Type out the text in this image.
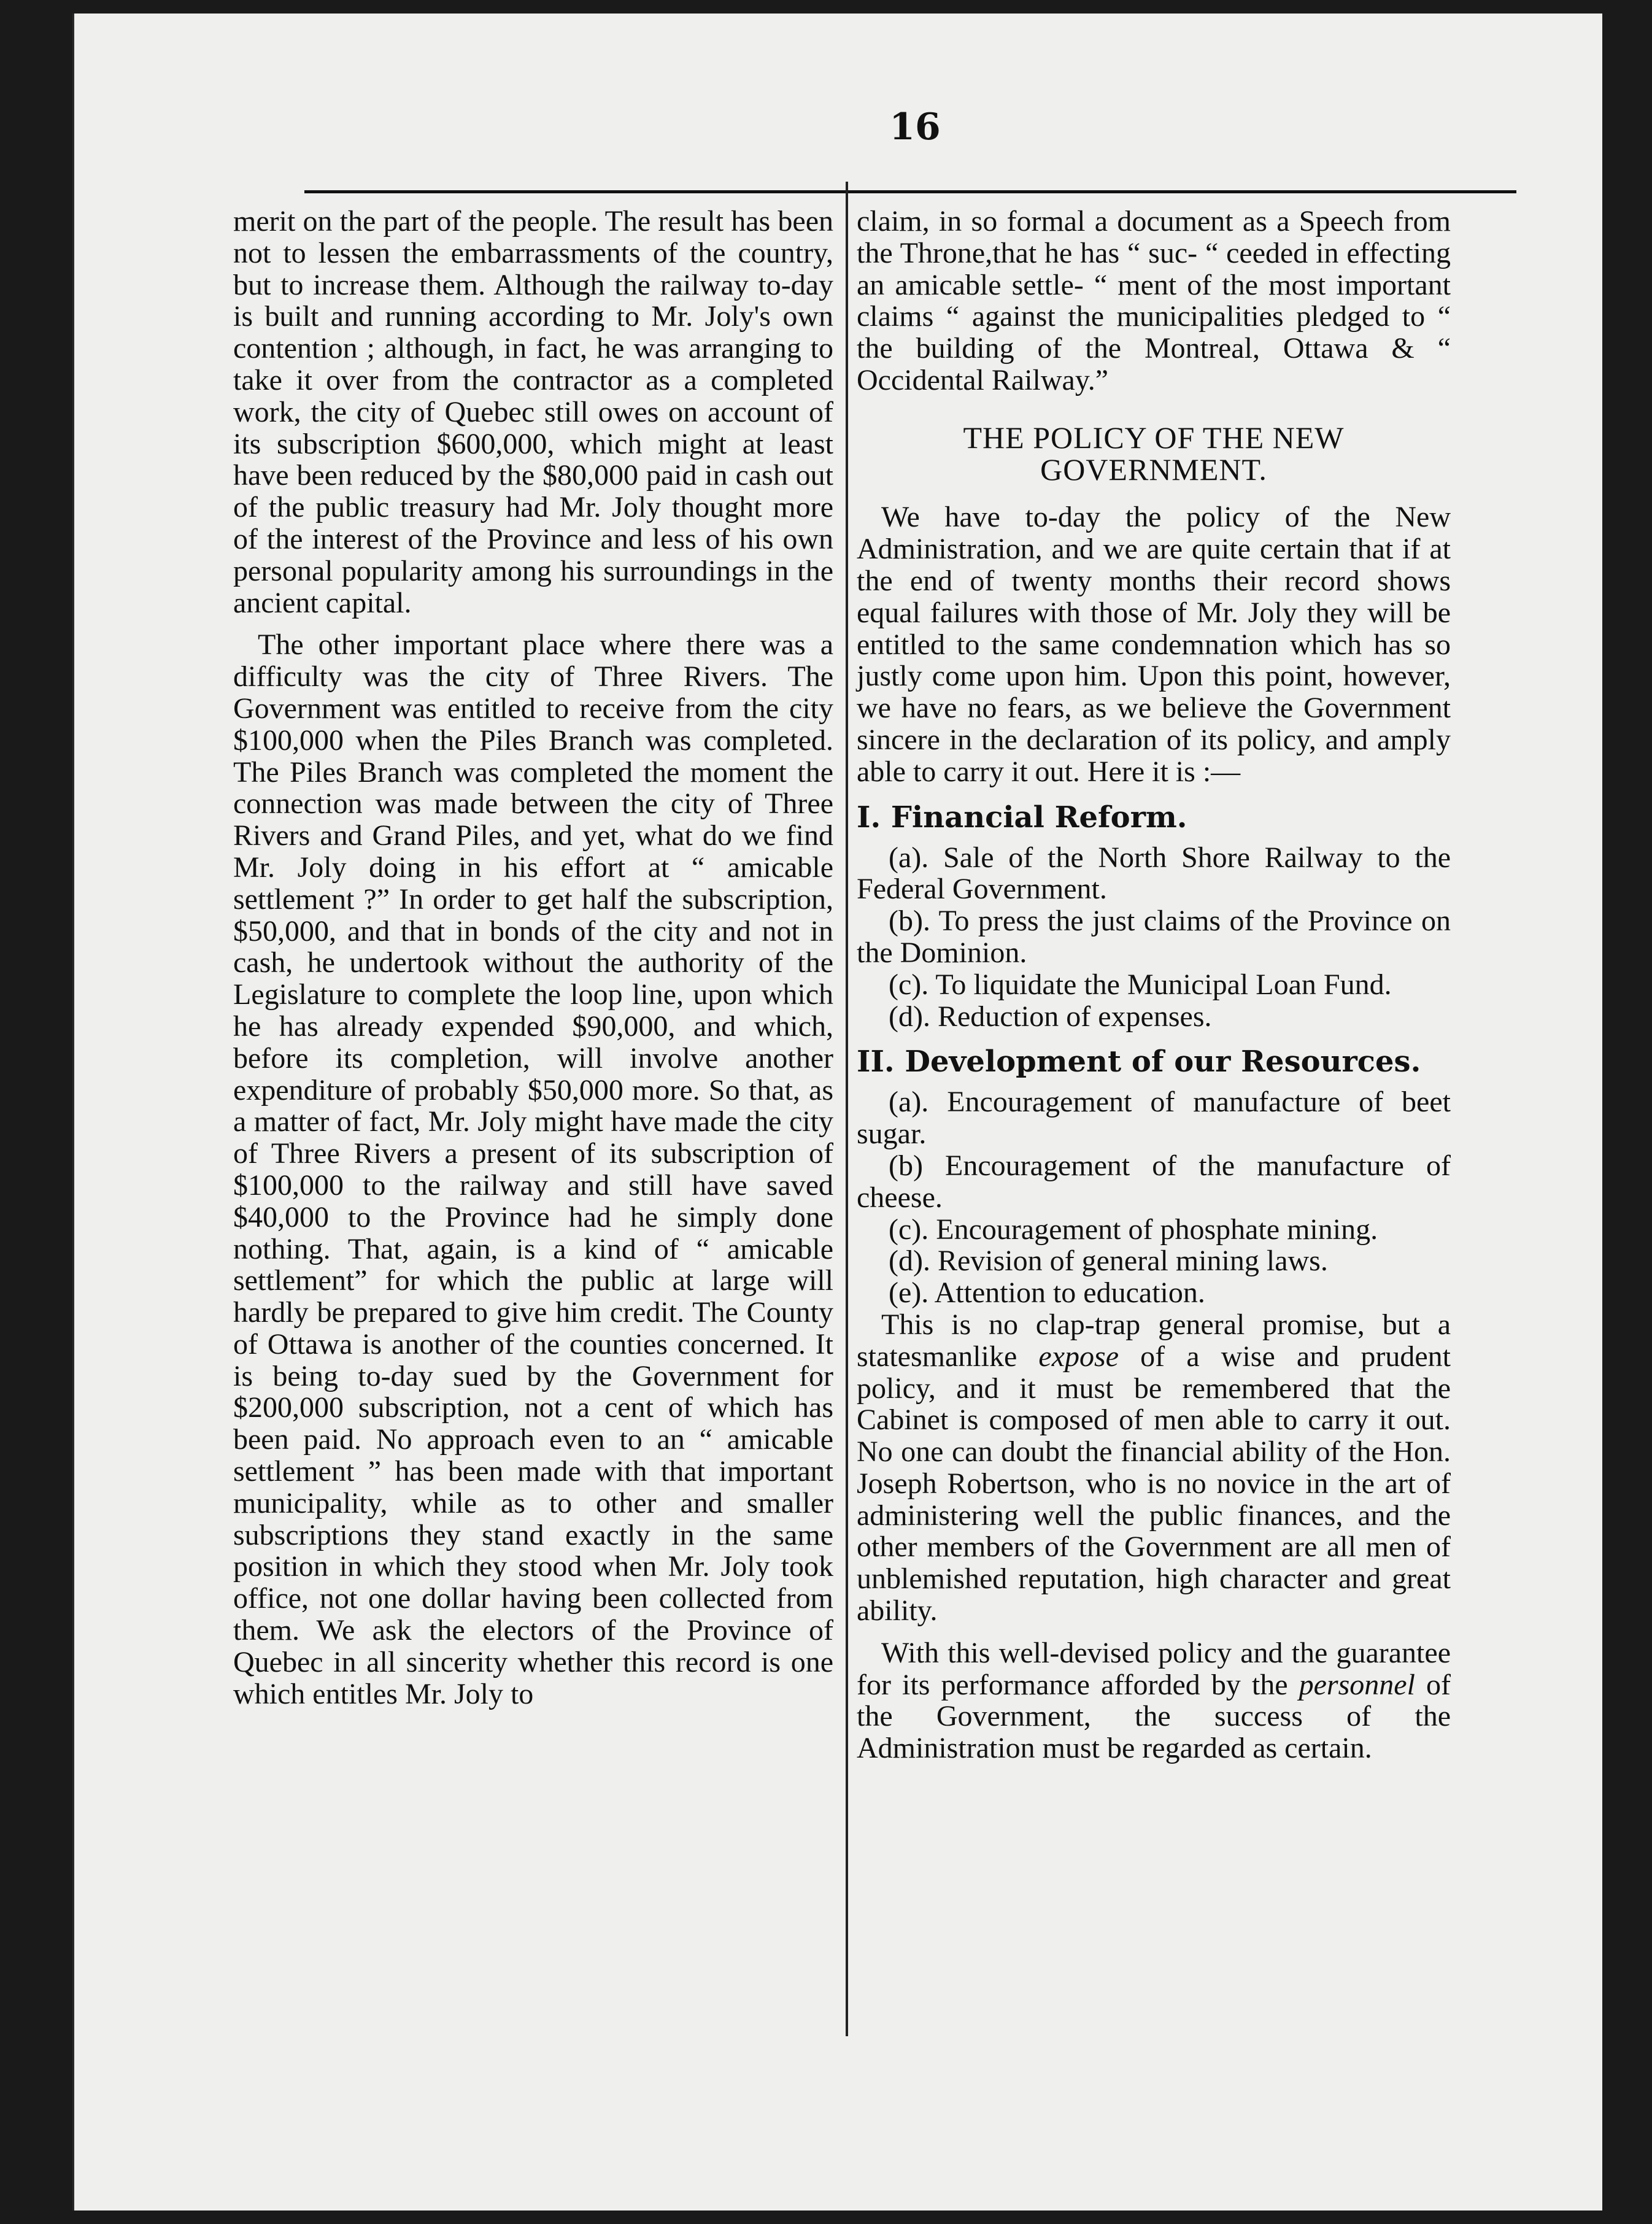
16

merit on the part of the people. The result has been not to lessen the embarrassments of the country, but to increase them. Although the railway to-day is built and running according to Mr. Joly's own contention ; although, in fact, he was arranging to take it over from the contractor as a completed work, the city of Quebec still owes on account of its subscription $600,000, which might at least have been reduced by the $80,000 paid in cash out of the public treasury had Mr. Joly thought more of the interest of the Province and less of his own personal popularity among his surroundings in the ancient capital.

The other important place where there was a difficulty was the city of Three Rivers. The Government was entitled to receive from the city $100,000 when the Piles Branch was completed. The Piles Branch was completed the moment the connection was made between the city of Three Rivers and Grand Piles, and yet, what do we find Mr. Joly doing in his effort at “ amicable settlement ?” In order to get half the subscription, $50,000, and that in bonds of the city and not in cash, he undertook without the authority of the Legislature to complete the loop line, upon which he has already expended $90,000, and which, before its completion, will involve another expenditure of probably $50,000 more. So that, as a matter of fact, Mr. Joly might have made the city of Three Rivers a present of its subscription of $100,000 to the railway and still have saved $40,000 to the Province had he simply done nothing. That, again, is a kind of “ amicable settlement” for which the public at large will hardly be prepared to give him credit. The County of Ottawa is another of the counties concerned. It is being to-day sued by the Government for $200,000 subscription, not a cent of which has been paid. No approach even to an “ amicable settlement ” has been made with that important municipality, while as to other and smaller subscriptions they stand exactly in the same position in which they stood when Mr. Joly took office, not one dollar having been collected from them. We ask the electors of the Province of Quebec in all sincerity whether this record is one which entitles Mr. Joly to

claim, in so formal a document as a Speech from the Throne,that he has “ suc- “ ceeded in effecting an amicable settle- “ ment of the most important claims “ against the municipalities pledged to “ the building of the Montreal, Ottawa & “ Occidental Railway.”

THE POLICY OF THE NEW GOVERNMENT.

We have to-day the policy of the New Administration, and we are quite certain that if at the end of twenty months their record shows equal failures with those of Mr. Joly they will be entitled to the same condemnation which has so justly come upon him. Upon this point, however, we have no fears, as we believe the Government sincere in the declaration of its policy, and amply able to carry it out. Here it is :—

I. Financial Reform.

(a). Sale of the North Shore Railway to the Federal Government.

(b). To press the just claims of the Province on the Dominion.

(c). To liquidate the Municipal Loan Fund.

(d). Reduction of expenses.

II. Development of our Resources.

(a). Encouragement of manufacture of beet sugar.

(b) Encouragement of the manufacture of cheese.

(c). Encouragement of phosphate mining.

(d). Revision of general mining laws.

(e). Attention to education.

This is no clap-trap general promise, but a statesmanlike expose of a wise and prudent policy, and it must be remembered that the Cabinet is composed of men able to carry it out. No one can doubt the financial ability of the Hon. Joseph Robertson, who is no novice in the art of administering well the public finances, and the other members of the Government are all men of unblemished reputation, high character and great ability.

With this well-devised policy and the guarantee for its performance afforded by the personnel of the Government, the success of the Administration must be regarded as certain.
